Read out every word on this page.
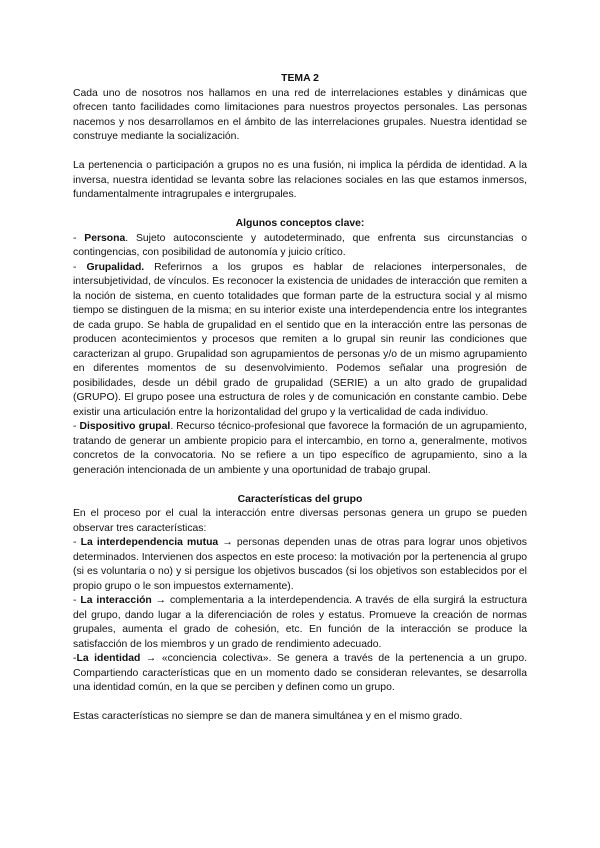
TEMA 2

Cada uno de nosotros nos hallamos en una red de interrelaciones estables y dinámicas que ofrecen tanto facilidades como limitaciones para nuestros proyectos personales. Las personas nacemos y nos desarrollamos en el ámbito de las interrelaciones grupales. Nuestra identidad se construye mediante la socialización.

La pertenencia o participación a grupos no es una fusión, ni implica la pérdida de identidad. A la inversa, nuestra identidad se levanta sobre las relaciones sociales en las que estamos inmersos, fundamentalmente intragrupales e intergrupales.

Algunos conceptos clave:

- Persona. Sujeto autoconsciente y autodeterminado, que enfrenta sus circunstancias o contingencias, con posibilidad de autonomía y juicio crítico.

- Grupalidad. Referirnos a los grupos es hablar de relaciones interpersonales, de intersubjetividad, de vínculos. Es reconocer la existencia de unidades de interacción que remiten a la noción de sistema, en cuento totalidades que forman parte de la estructura social y al mismo tiempo se distinguen de la misma; en su interior existe una interdependencia entre los integrantes de cada grupo. Se habla de grupalidad en el sentido que en la interacción entre las personas de producen acontecimientos y procesos que remiten a lo grupal sin reunir las condiciones que caracterizan al grupo. Grupalidad son agrupamientos de personas y/o de un mismo agrupamiento en diferentes momentos de su desenvolvimiento. Podemos señalar una progresión de posibilidades, desde un débil grado de grupalidad (SERIE) a un alto grado de grupalidad (GRUPO). El grupo posee una estructura de roles y de comunicación en constante cambio. Debe existir una articulación entre la horizontalidad del grupo y la verticalidad de cada individuo.

- Dispositivo grupal. Recurso técnico-profesional que favorece la formación de un agrupamiento, tratando de generar un ambiente propicio para el intercambio, en torno a, generalmente, motivos concretos de la convocatoria. No se refiere a un tipo específico de agrupamiento, sino a la generación intencionada de un ambiente y una oportunidad de trabajo grupal.

Características del grupo

En el proceso por el cual la interacción entre diversas personas genera un grupo se pueden observar tres características:

- La interdependencia mutua → personas dependen unas de otras para lograr unos objetivos determinados. Intervienen dos aspectos en este proceso: la motivación por la pertenencia al grupo (si es voluntaria o no) y si persigue los objetivos buscados (si los objetivos son establecidos por el propio grupo o le son impuestos externamente).

- La interacción → complementaria a la interdependencia. A través de ella surgirá la estructura del grupo, dando lugar a la diferenciación de roles y estatus. Promueve la creación de normas grupales, aumenta el grado de cohesión, etc. En función de la interacción se produce la satisfacción de los miembros y un grado de rendimiento adecuado.

-La identidad → «conciencia colectiva». Se genera a través de la pertenencia a un grupo. Compartiendo características que en un momento dado se consideran relevantes, se desarrolla una identidad común, en la que se perciben y definen como un grupo.

Estas características no siempre se dan de manera simultánea y en el mismo grado.
